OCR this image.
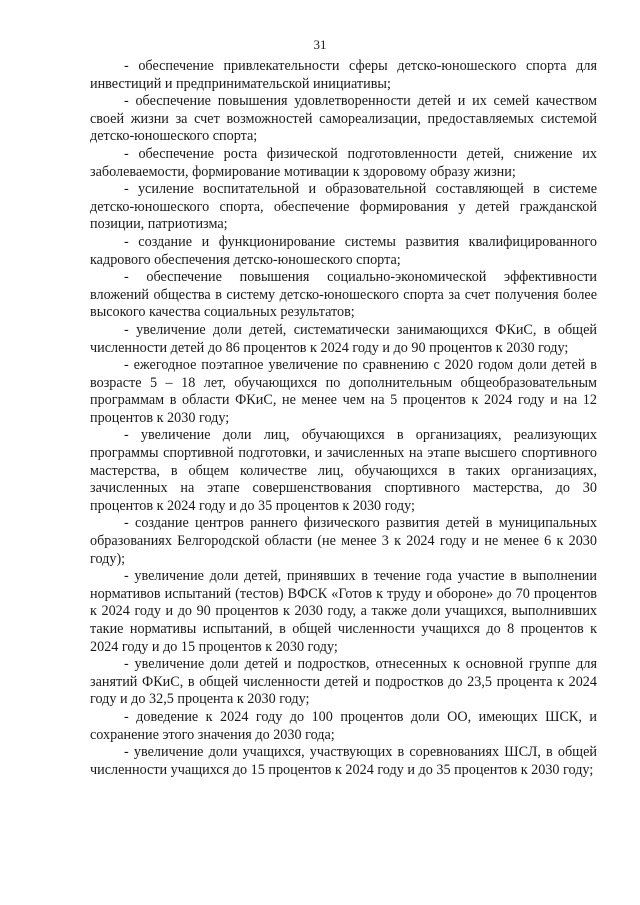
31

- обеспечение привлекательности сферы детско-юношеского спорта для инвестиций и предпринимательской инициативы;

- обеспечение повышения удовлетворенности детей и их семей качеством своей жизни за счет возможностей самореализации, предоставляемых системой детско-юношеского спорта;

- обеспечение роста физической подготовленности детей, снижение их заболеваемости, формирование мотивации к здоровому образу жизни;

- усиление воспитательной и образовательной составляющей в системе детско-юношеского спорта, обеспечение формирования у детей гражданской позиции, патриотизма;

- создание и функционирование системы развития квалифицированного кадрового обеспечения детско-юношеского спорта;

- обеспечение повышения социально-экономической эффективности вложений общества в систему детско-юношеского спорта за счет получения более высокого качества социальных результатов;

- увеличение доли детей, систематически занимающихся ФКиС, в общей численности детей до 86 процентов к 2024 году и до 90 процентов к 2030 году;

- ежегодное поэтапное увеличение по сравнению с 2020 годом доли детей в возрасте 5 – 18 лет, обучающихся по дополнительным общеобразовательным программам в области ФКиС, не менее чем на 5 процентов к 2024 году и на 12 процентов к 2030 году;

- увеличение доли лиц, обучающихся в организациях, реализующих программы спортивной подготовки, и зачисленных на этапе высшего спортивного мастерства, в общем количестве лиц, обучающихся в таких организациях, зачисленных на этапе совершенствования спортивного мастерства, до 30 процентов к 2024 году и до 35 процентов к 2030 году;

- создание центров раннего физического развития детей в муниципальных образованиях Белгородской области (не менее 3 к 2024 году и не менее 6 к 2030 году);

- увеличение доли детей, принявших в течение года участие в выполнении нормативов испытаний (тестов) ВФСК «Готов к труду и обороне» до 70 процентов к 2024 году и до 90 процентов к 2030 году, а также доли учащихся, выполнивших такие нормативы испытаний, в общей численности учащихся до 8 процентов к 2024 году и до 15 процентов к 2030 году;

- увеличение доли детей и подростков, отнесенных к основной группе для занятий ФКиС, в общей численности детей и подростков до 23,5 процента к 2024 году и до 32,5 процента к 2030 году;

- доведение к 2024 году до 100 процентов доли ОО, имеющих ШСК, и сохранение этого значения до 2030 года;

- увеличение доли учащихся, участвующих в соревнованиях ШСЛ, в общей численности учащихся до 15 процентов к 2024 году и до 35 процентов к 2030 году;
